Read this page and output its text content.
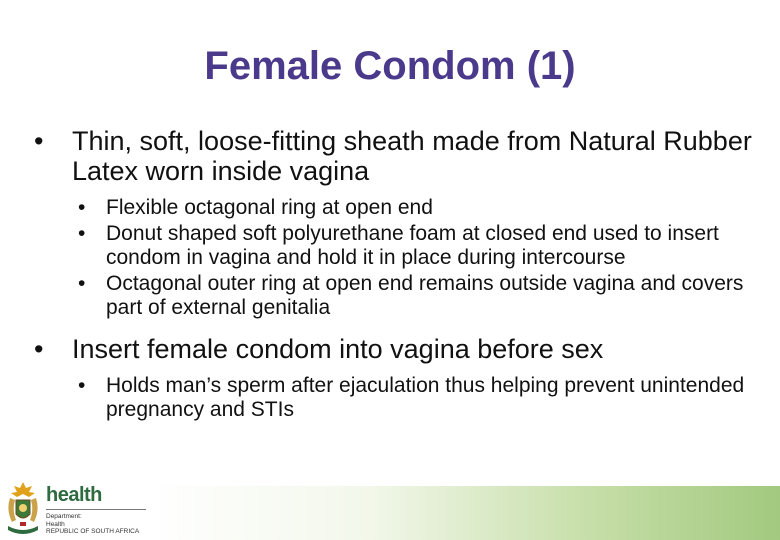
Female Condom (1)
• Thin, soft, loose-fitting sheath made from Natural Rubber Latex worn inside vagina
• Flexible octagonal ring at open end
• Donut shaped soft polyurethane foam at closed end used to insert condom in vagina and hold it in place during intercourse
• Octagonal outer ring at open end remains outside vagina and covers part of external genitalia
• Insert female condom into vagina before sex
• Holds man’s sperm after ejaculation thus helping prevent unintended pregnancy and STIs
health
Department:
Health
REPUBLIC OF SOUTH AFRICA
